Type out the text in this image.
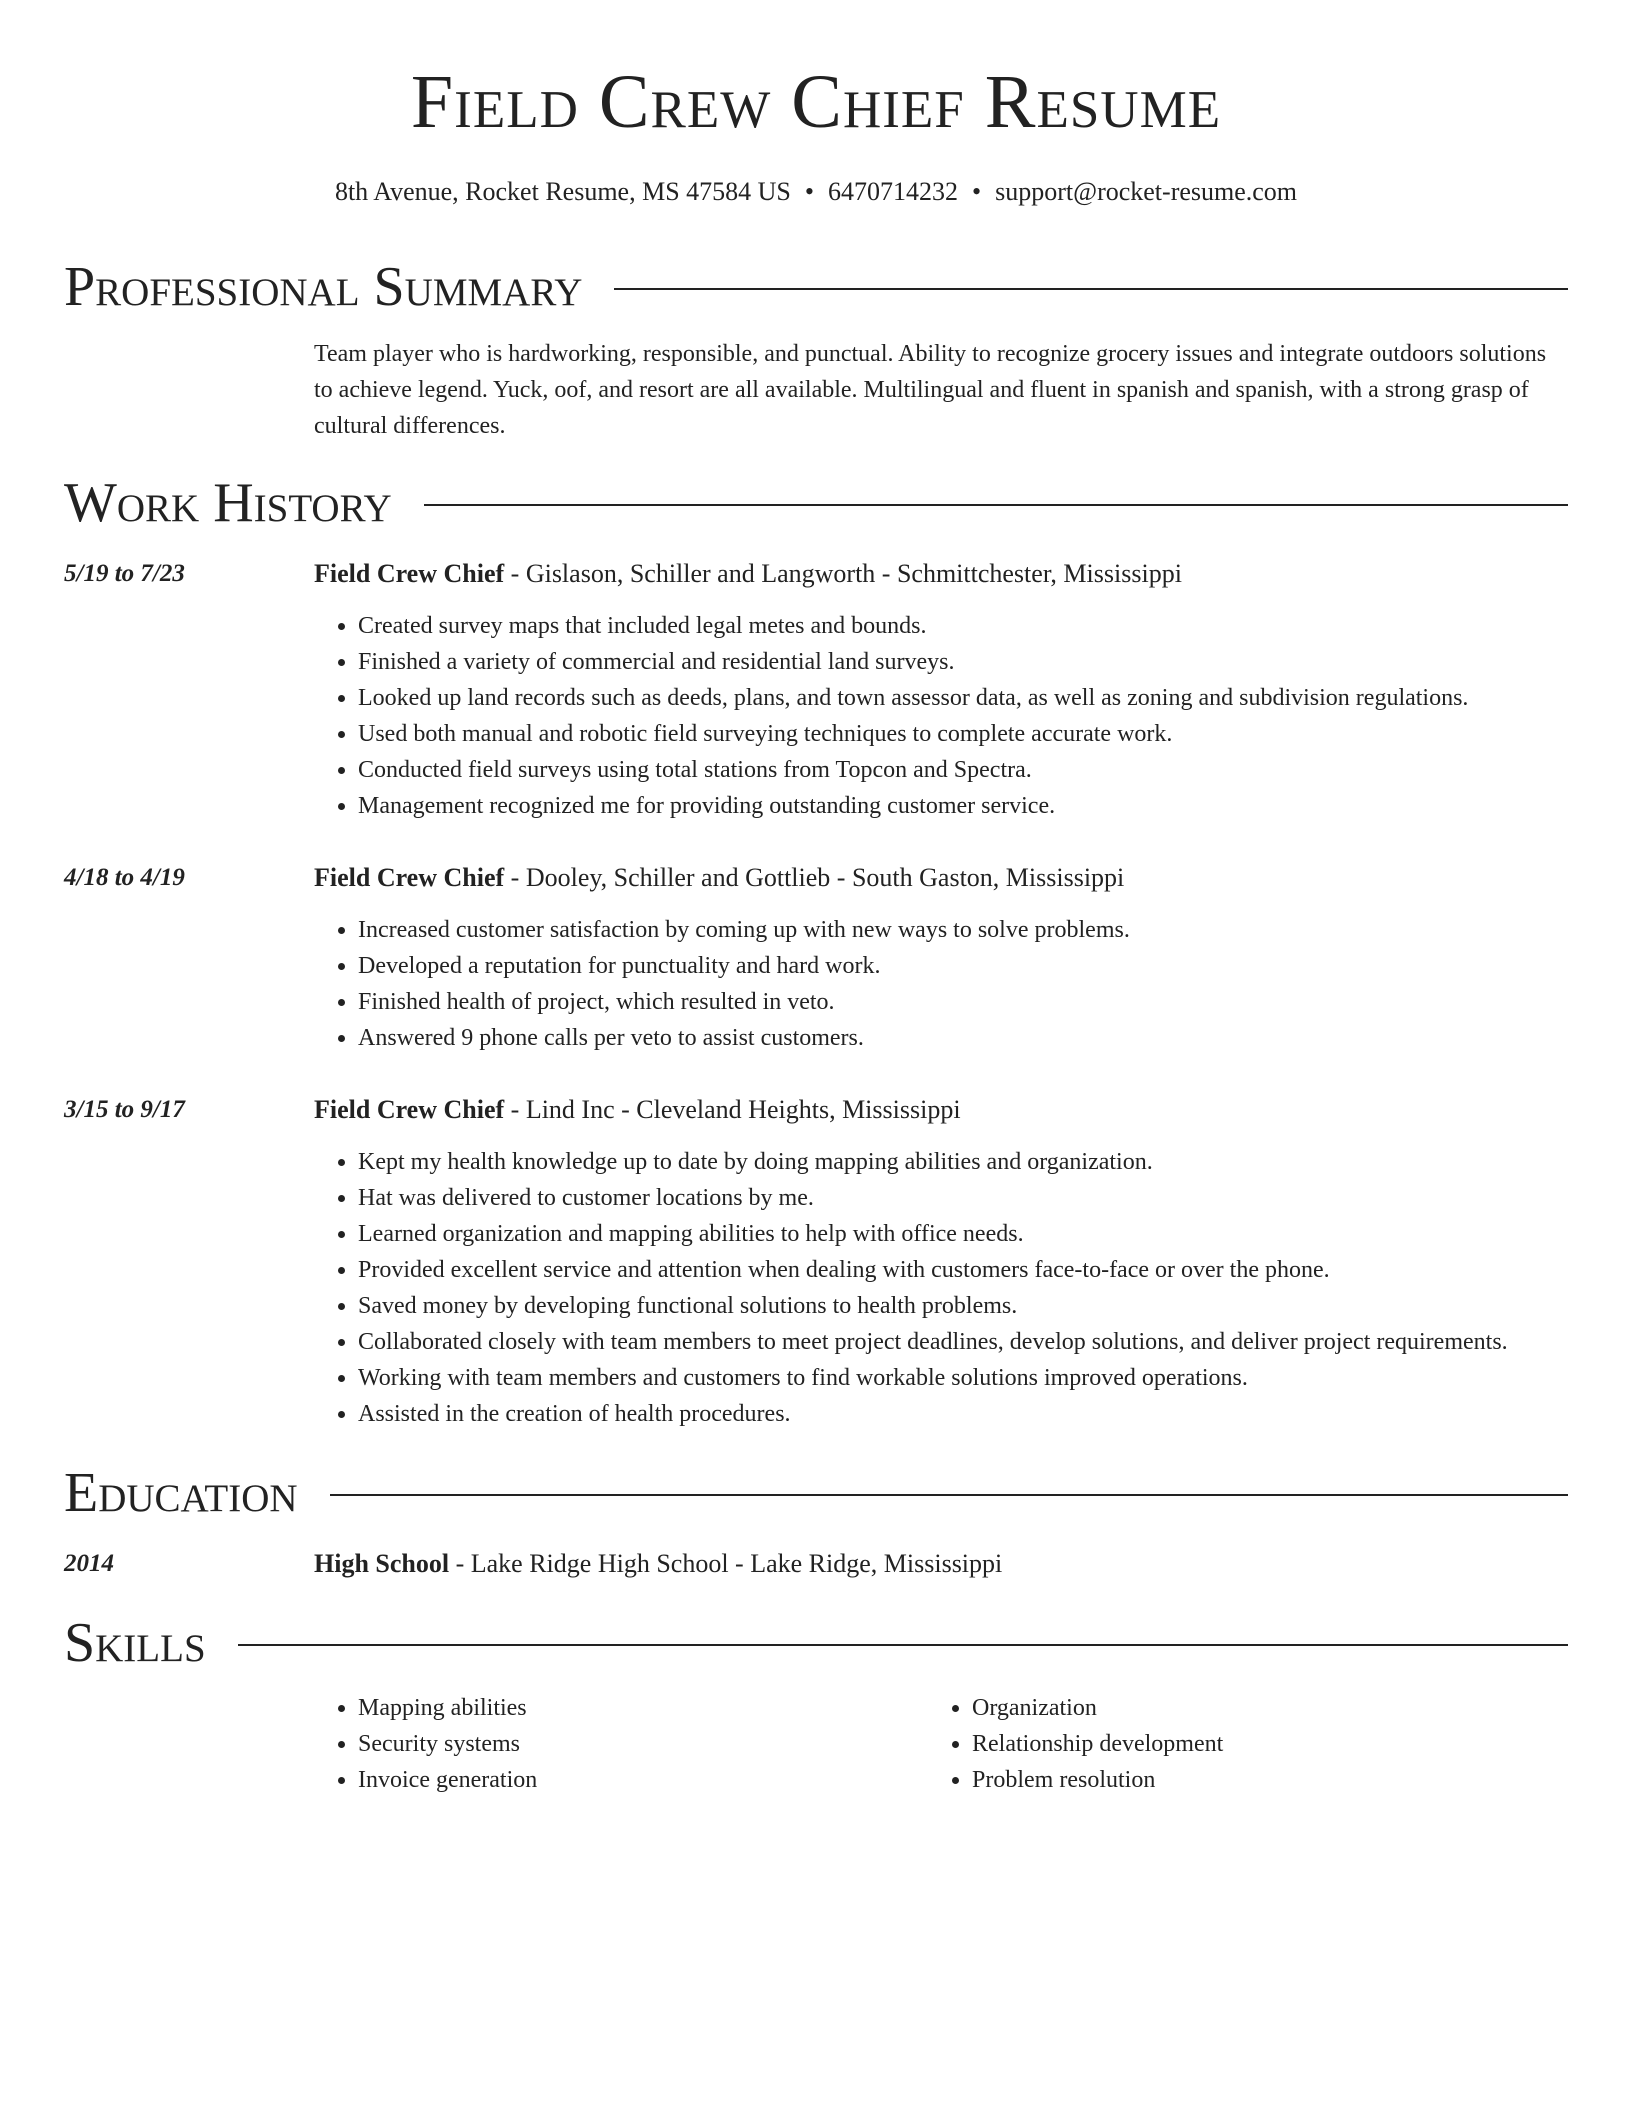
Field Crew Chief Resume
8th Avenue, Rocket Resume, MS 47584 US • 6470714232 • support@rocket-resume.com
Professional Summary
Team player who is hardworking, responsible, and punctual. Ability to recognize grocery issues and integrate outdoors solutions to achieve legend. Yuck, oof, and resort are all available. Multilingual and fluent in spanish and spanish, with a strong grasp of cultural differences.
Work History
5/19 to 7/23	Field Crew Chief - Gislason, Schiller and Langworth - Schmittchester, Mississippi
• Created survey maps that included legal metes and bounds.
• Finished a variety of commercial and residential land surveys.
• Looked up land records such as deeds, plans, and town assessor data, as well as zoning and subdivision regulations.
• Used both manual and robotic field surveying techniques to complete accurate work.
• Conducted field surveys using total stations from Topcon and Spectra.
• Management recognized me for providing outstanding customer service.
4/18 to 4/19	Field Crew Chief - Dooley, Schiller and Gottlieb - South Gaston, Mississippi
• Increased customer satisfaction by coming up with new ways to solve problems.
• Developed a reputation for punctuality and hard work.
• Finished health of project, which resulted in veto.
• Answered 9 phone calls per veto to assist customers.
3/15 to 9/17	Field Crew Chief - Lind Inc - Cleveland Heights, Mississippi
• Kept my health knowledge up to date by doing mapping abilities and organization.
• Hat was delivered to customer locations by me.
• Learned organization and mapping abilities to help with office needs.
• Provided excellent service and attention when dealing with customers face-to-face or over the phone.
• Saved money by developing functional solutions to health problems.
• Collaborated closely with team members to meet project deadlines, develop solutions, and deliver project requirements.
• Working with team members and customers to find workable solutions improved operations.
• Assisted in the creation of health procedures.
Education
2014	High School - Lake Ridge High School - Lake Ridge, Mississippi
Skills
• Mapping abilities
• Security systems
• Invoice generation
• Organization
• Relationship development
• Problem resolution
